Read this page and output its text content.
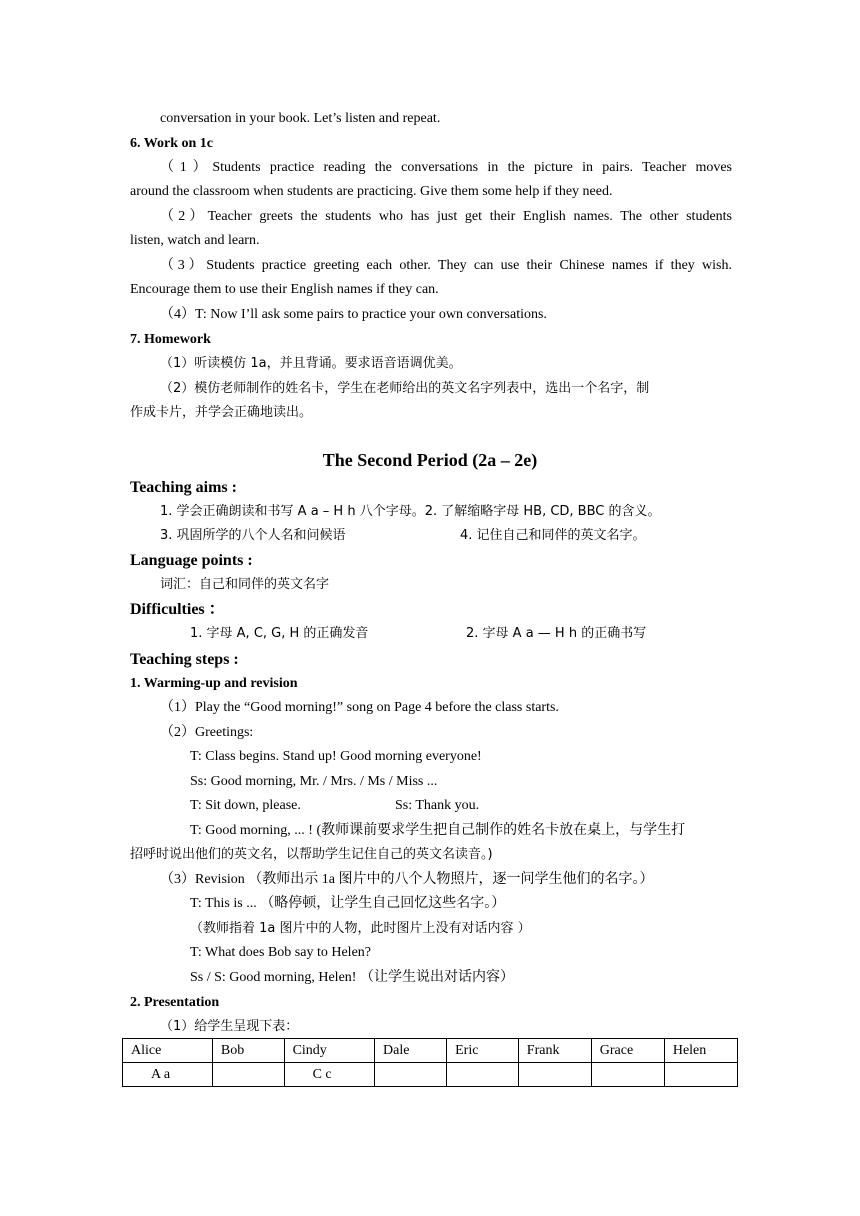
conversation in your book. Let’s listen and repeat.
6. Work on 1c
（1）Students practice reading the conversations in the picture in pairs. Teacher moves
around the classroom when students are practicing. Give them some help if they need.
（2）Teacher greets the students who has just get their English names. The other students
listen, watch and learn.
（3）Students practice greeting each other. They can use their Chinese names if they wish.
Encourage them to use their English names if they can.
（4）T: Now I’ll ask some pairs to practice your own conversations.
7. Homework
（1）听读模仿 1a，并且背诵。要求语音语调优美。
（2）模仿老师制作的姓名卡，学生在老师给出的英文名字列表中，选出一个名字，制
作成卡片，并学会正确地读出。
The Second Period (2a – 2e)
Teaching aims :
1. 学会正确朗读和书写 A a – H h 八个字母。2. 了解缩略字母 HB, CD, BBC 的含义。
3. 巩固所学的八个人名和问候语	4. 记住自己和同伴的英文名字。
Language points :
词汇：自己和同伴的英文名字
Difficulties ：
1. 字母 A, C, G, H 的正确发音	2. 字母 A a — H h 的正确书写
Teaching steps :
1. Warming-up and revision
（1）Play the “Good morning!” song on Page 4 before the class starts.
（2）Greetings:
T: Class begins. Stand up! Good morning everyone!
Ss: Good morning, Mr. / Mrs. / Ms / Miss ...
T: Sit down, please.	Ss: Thank you.
T: Good morning, ... ! (教师课前要求学生把自己制作的姓名卡放在桌上，与学生打
招呼时说出他们的英文名，以帮助学生记住自己的英文名读音。)
（3）Revision （教师出示 1a 图片中的八个人物照片，逐一问学生他们的名字。）
T: This is ... （略停顿，让学生自己回忆这些名字。）
（教师指着 1a 图片中的人物，此时图片上没有对话内容 ）
T: What does Bob say to Helen?
Ss / S: Good morning, Helen! （让学生说出对话内容）
2. Presentation
（1）给学生呈现下表：
Alice	Bob	Cindy	Dale	Eric	Frank	Grace	Helen
A a		C c					
